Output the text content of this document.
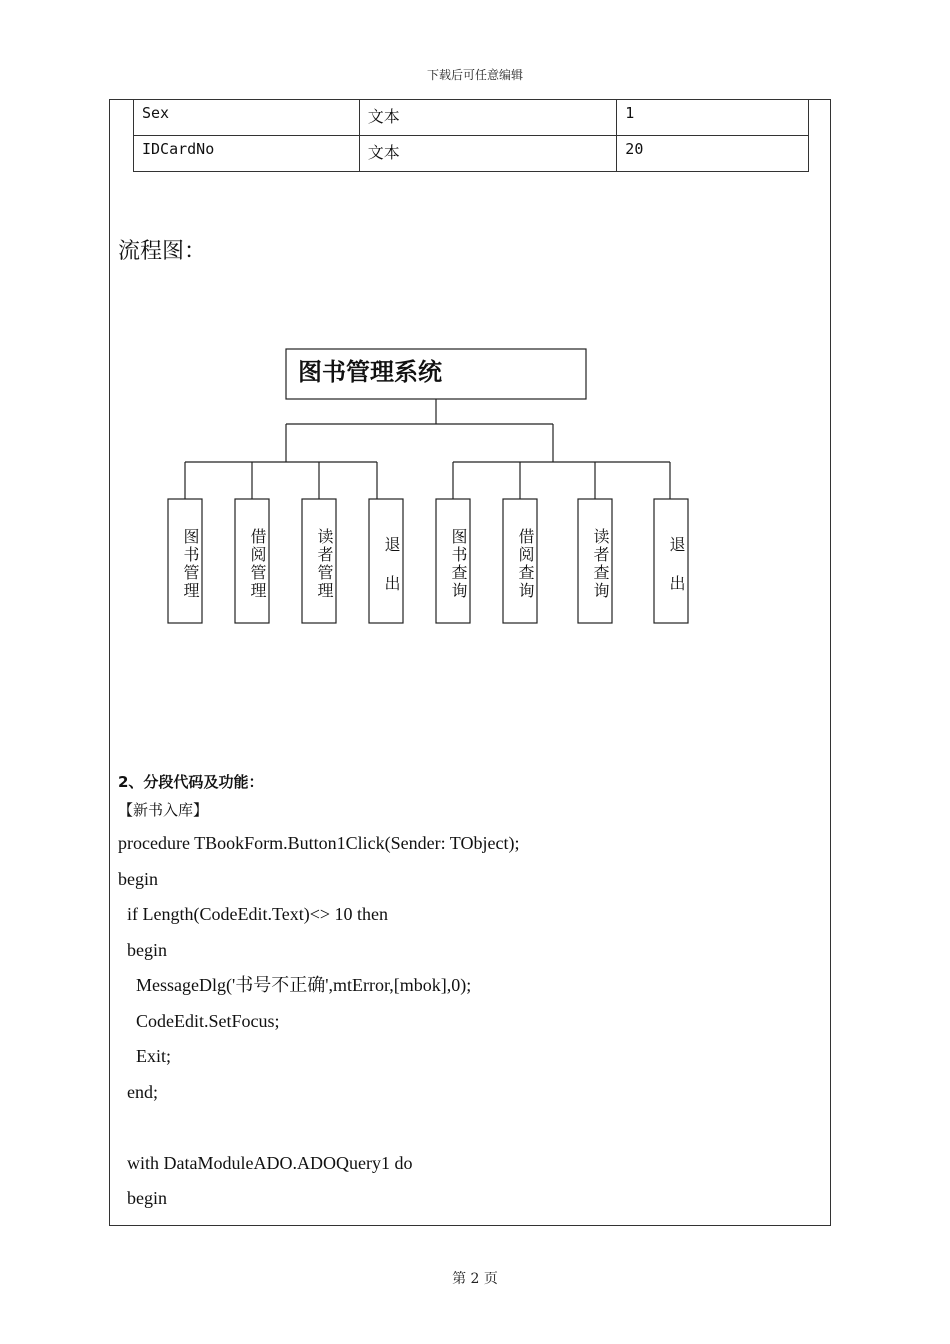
下载后可任意编辑
Sex	文本	1
IDCardNo	文本	20
流程图：
图书管理系统
图书管理	借阅管理	读者管理	退 出	图书查询	借阅查询	读者查询	退 出
2、分段代码及功能：
【新书入库】
procedure TBookForm.Button1Click(Sender: TObject);
begin
if Length(CodeEdit.Text)<> 10 then
begin
MessageDlg('书号不正确',mtError,[mbok],0);
CodeEdit.SetFocus;
Exit;
end;
with DataModuleADO.ADOQuery1 do
begin
第 2 页
